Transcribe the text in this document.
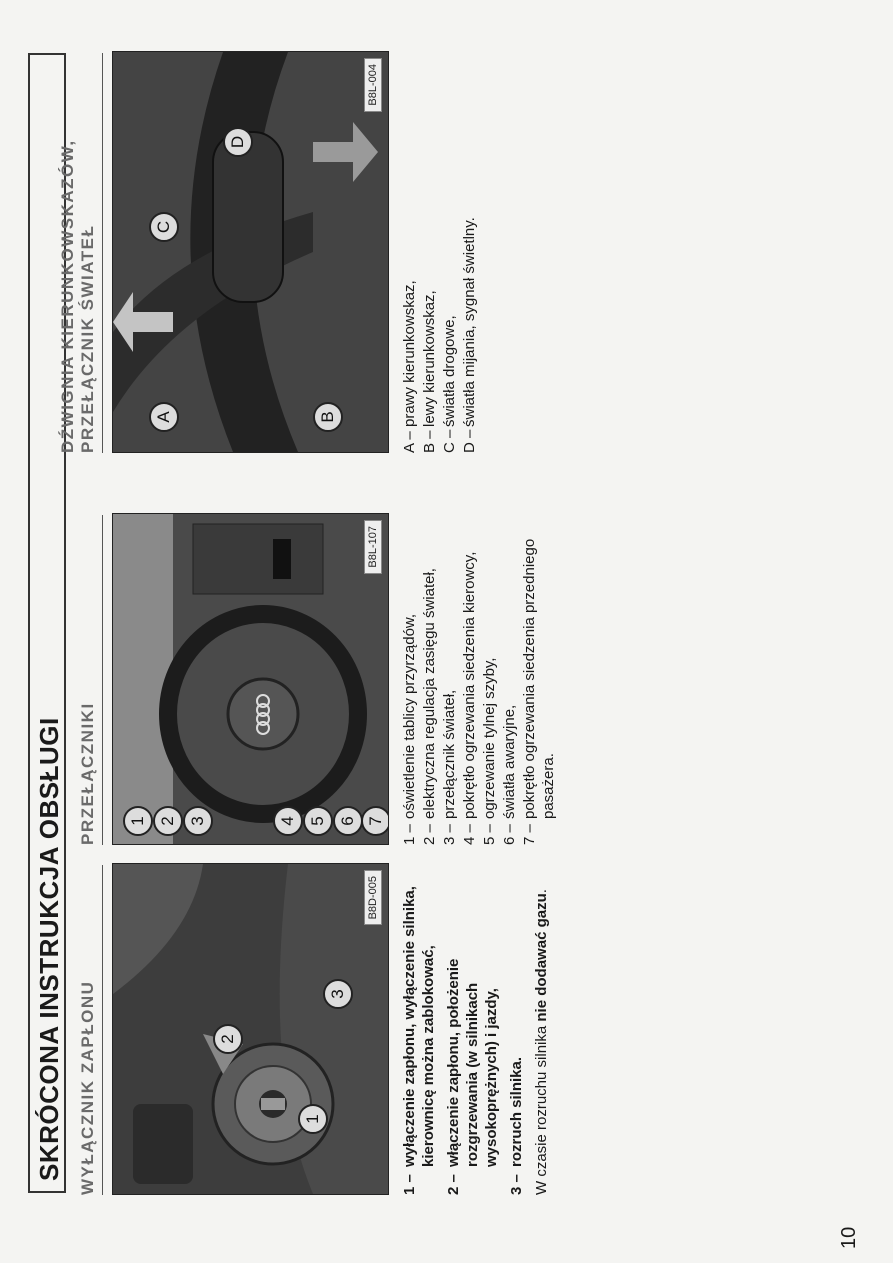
10
SKRÓCONA INSTRUKCJA OBSŁUGI WYŁĄCZNIK ZAPŁONU	1
2
3
B8D-005
1 –
wyłączenie zapłonu, wyłączenie silnika, kierownicę można zablokować,
2 –
włączenie zapłonu, położenie rozgrzewania (w silnikach wysokoprężnych) i jazdy,
3 –
rozruch silnika. W czasie rozruchu silnika nie dodawać gazu.
PRZEŁĄCZNIKI 1 2 3	4 5 6 7
B8L-107
1 –
oświetlenie tablicy przyrządów,
2 –
elektryczna regulacja zasięgu świateł,
3 –
przełącznik świateł,
4 –
pokrętło ogrzewania siedzenia kierowcy,
5 –
ogrzewanie tylnej szyby,
6 –
światła awaryjne,
7 –
pokrętło ogrzewania siedzenia przedniego pasażera.
DŹWIGNIA KIERUNKOWSKAZÓW, PRZEŁĄCZNIK ŚWIATEŁ	A	B
C
D
B8L-004
A –
prawy kierunkowskaz,
B –
lewy kierunkowskaz,
C –
światła drogowe,
D –
światła mijania, sygnał świetlny.
